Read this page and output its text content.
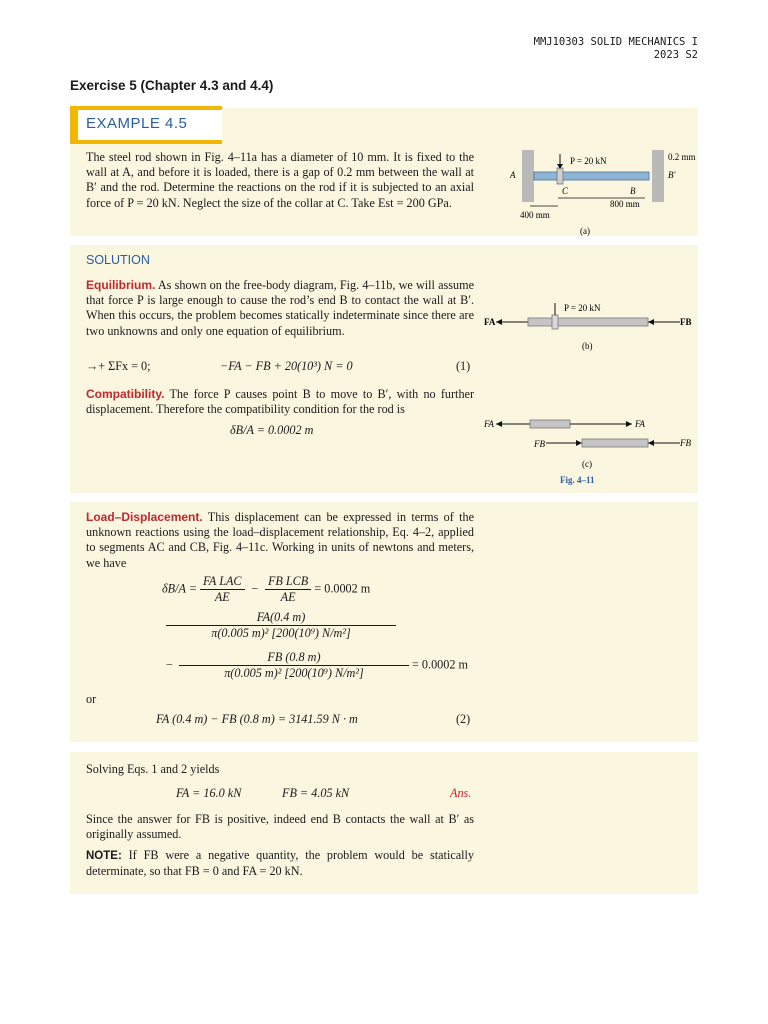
MMJ10303 SOLID MECHANICS I
2023 S2
Exercise 5 (Chapter 4.3 and 4.4)
EXAMPLE 4.5
The steel rod shown in Fig. 4–11a has a diameter of 10 mm. It is fixed to the wall at A, and before it is loaded, there is a gap of 0.2 mm between the wall at B′ and the rod. Determine the reactions on the rod if it is subjected to an axial force of P = 20 kN. Neglect the size of the collar at C. Take Est = 200 GPa.
P = 20 kN	0.2 mm
A
C	B
B′
800 mm
400 mm
(a)
SOLUTION
Equilibrium. As shown on the free-body diagram, Fig. 4–11b, we will assume that force P is large enough to cause the rod’s end B to contact the wall at B′. When this occurs, the problem becomes statically indeterminate since there are two unknowns and only one equation of equilibrium.
→+ ΣFx = 0;	−FA − FB + 20(10³) N = 0	(1)
Compatibility. The force P causes point B to move to B′, with no further displacement. Therefore the compatibility condition for the rod is
δB/A = 0.0002 m
FA
P = 20 kN
FB
(b)
FA	FA
FB	FB
(c)
Fig. 4–11
Load–Displacement. This displacement can be expressed in terms of the unknown reactions using the load–displacement relationship, Eq. 4–2, applied to segments AC and CB, Fig. 4–11c. Working in units of newtons and meters, we have
$\delta B/A = \frac{\text{FA LAC}}{AE} - \frac{\text{FB LCB}}{AE} = 0.0002$ m
$\frac{FA(0.4 m)}{\text{π(0.005 m)² [200(10⁹) N/m²]}}$
− $\frac{FB (0.8 m)}{\text{π(0.005 m)² [200(10⁹) N/m²]}} = 0.0002$ m
or
FA (0.4 m) − FB (0.8 m) = 3141.59 N · m	(2)
Solving Eqs. 1 and 2 yields
FA = 16.0 kN	FB = 4.05 kN	Ans.
Since the answer for FB is positive, indeed end B contacts the wall at B′ as originally assumed.
NOTE: If FB were a negative quantity, the problem would be statically determinate, so that FB = 0 and FA = 20 kN.
